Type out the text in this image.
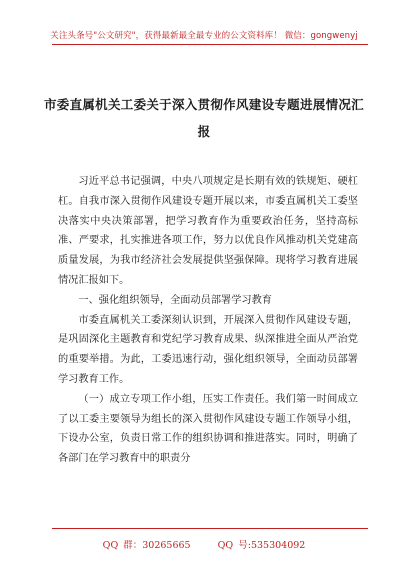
关注头条号"公文研究"，获得最新最全最专业的公文资料库！ 微信：gongwenyj
市委直属机关工委关于深入贯彻作风建设专题进展情况汇
报

习近平总书记强调，中央八项规定是长期有效的铁规矩、硬杠杠。自我市深入贯彻作风建设专题开展以来，市委直属机关工委坚决落实中央决策部署，把学习教育作为重要政治任务，坚持高标准、严要求，扎实推进各项工作，努力以优良作风推动机关党建高质量发展，为我市经济社会发展提供坚强保障。现将学习教育进展情况汇报如下。

一、强化组织领导，全面动员部署学习教育

市委直属机关工委深刻认识到，开展深入贯彻作风建设专题，是巩固深化主题教育和党纪学习教育成果、纵深推进全面从严治党的重要举措。为此，工委迅速行动，强化组织领导，全面动员部署学习教育工作。

（一）成立专项工作小组，压实工作责任。我们第一时间成立了以工委主要领导为组长的深入贯彻作风建设专题工作领导小组，下设办公室，负责日常工作的组织协调和推进落实。同时，明确了各部门在学习教育中的职责分

QQ 群：30265665	QQ 号:535304092
